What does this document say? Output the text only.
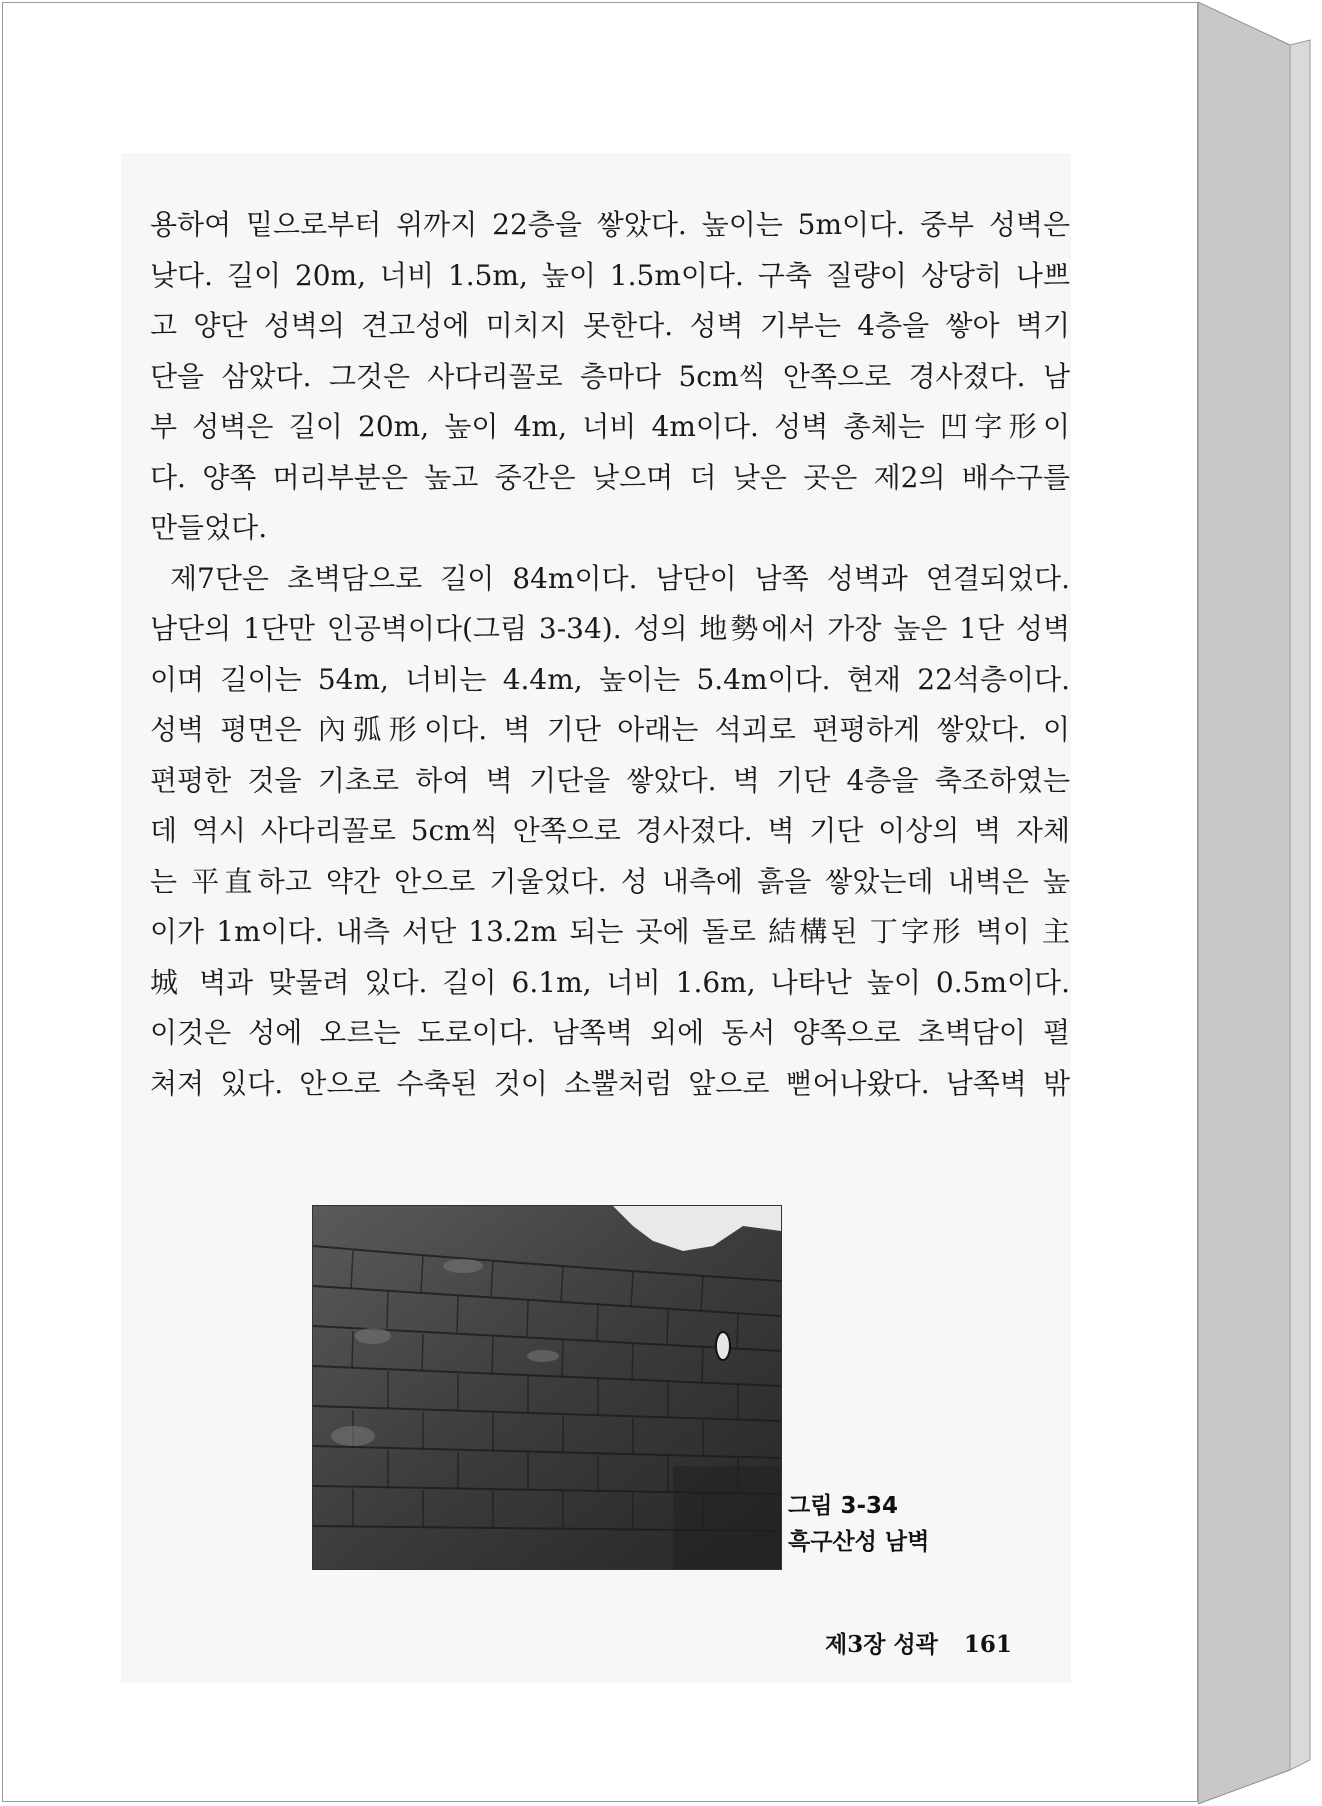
용하여 밑으로부터 위까지 22층을 쌓았다. 높이는 5m이다. 중부 성벽은
낮다. 길이 20m, 너비 1.5m, 높이 1.5m이다. 구축 질량이 상당히 나쁘
고 양단 성벽의 견고성에 미치지 못한다. 성벽 기부는 4층을 쌓아 벽기
단을 삼았다. 그것은 사다리꼴로 층마다 5cm씩 안쪽으로 경사졌다. 남
부 성벽은 길이 20m, 높이 4m, 너비 4m이다. 성벽 총체는 凹字形이
다. 양쪽 머리부분은 높고 중간은 낮으며 더 낮은 곳은 제2의 배수구를
만들었다.
제7단은 초벽담으로 길이 84m이다. 남단이 남쪽 성벽과 연결되었다.
남단의 1단만 인공벽이다(그림 3-34). 성의 地勢에서 가장 높은 1단 성벽
이며 길이는 54m, 너비는 4.4m, 높이는 5.4m이다. 현재 22석층이다.
성벽 평면은 內弧形이다. 벽 기단 아래는 석괴로 편평하게 쌓았다. 이
편평한 것을 기초로 하여 벽 기단을 쌓았다. 벽 기단 4층을 축조하였는
데 역시 사다리꼴로 5cm씩 안쪽으로 경사졌다. 벽 기단 이상의 벽 자체
는 平直하고 약간 안으로 기울었다. 성 내측에 흙을 쌓았는데 내벽은 높
이가 1m이다. 내측 서단 13.2m 되는 곳에 돌로 結構된 丁字形 벽이 主
城 벽과 맞물려 있다. 길이 6.1m, 너비 1.6m, 나타난 높이 0.5m이다.
이것은 성에 오르는 도로이다. 남쪽벽 외에 동서 양쪽으로 초벽담이 펼
쳐져 있다. 안으로 수축된 것이 소뿔처럼 앞으로 뻗어나왔다. 남쪽벽 밖
그림 3-34
흑구산성 남벽
제3장 성곽 161
